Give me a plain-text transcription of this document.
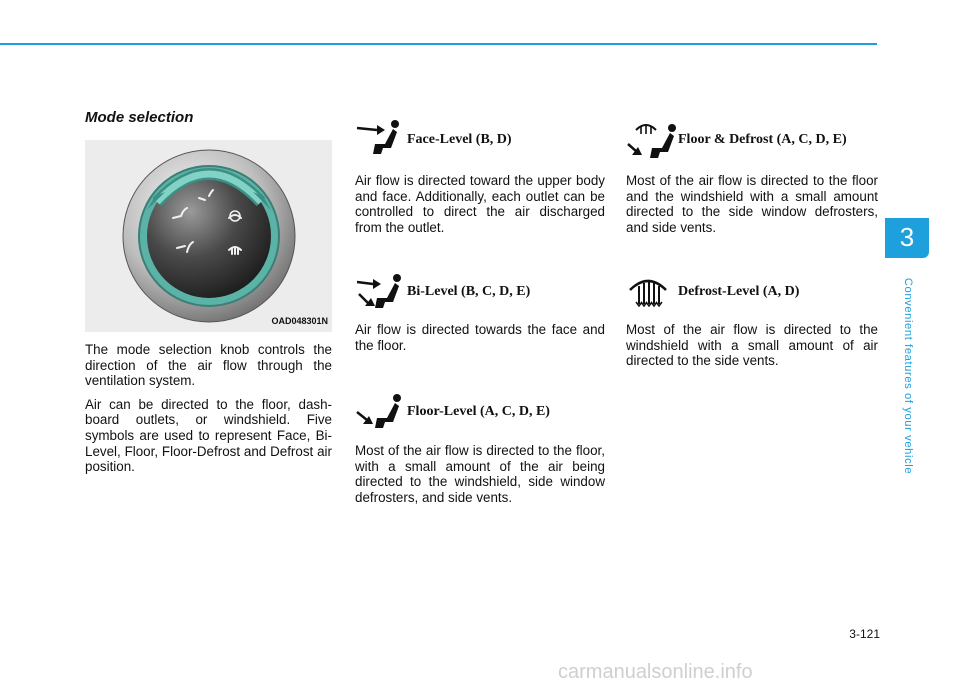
Mode selection
OAD048301N

The mode selection knob controls the direction of the air flow through the ventilation system.

Air can be directed to the floor, dash-board outlets, or windshield. Five symbols are used to represent Face, Bi-Level, Floor, Floor-Defrost and Defrost air position.

Face-Level (B, D)
Air flow is directed toward the upper body and face. Additionally, each outlet can be controlled to direct the air discharged from the outlet.
Bi-Level (B, C, D, E)
Air flow is directed towards the face and the floor.
Floor-Level (A, C, D, E)
Most of the air flow is directed to the floor, with a small amount of the air being directed to the windshield, side window defrosters, and side vents.
Floor & Defrost (A, C, D, E)
Most of the air flow is directed to the floor and the windshield with a small amount directed to the side window defrosters, and side vents.
Defrost-Level (A, D)
Most of the air flow is directed to the windshield with a small amount of air directed to the side vents.
3
Convenient features of your vehicle
3-121
carmanualsonline.info
